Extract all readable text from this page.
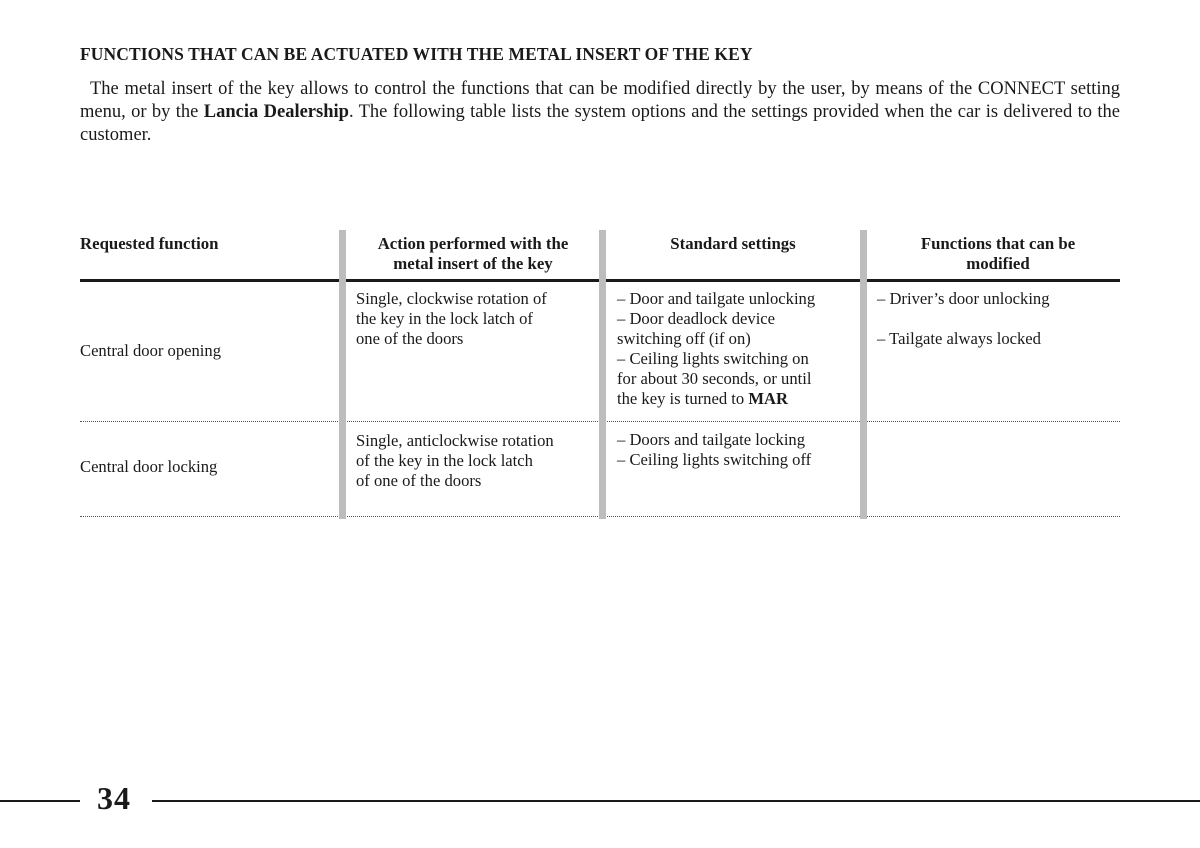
FUNCTIONS THAT CAN BE ACTUATED WITH THE METAL INSERT OF THE KEY
The metal insert of the key allows to control the functions that can be modified directly by the user, by means of the CONNECT setting menu, or by the Lancia Dealership. The following table lists the system options and the settings provided when the car is delivered to the customer.
Requested function	Action performed with the
metal insert of the key
Standard settings	Functions that can be
modified
Central door opening
Single, clockwise rotation of
the key in the lock latch of
one of the doors
– Door and tailgate unlocking
– Door deadlock device
switching off (if on)
– Ceiling lights switching on
for about 30 seconds, or until
the key is turned to MAR
– Driver’s door unlocking
– Tailgate always locked
Central door locking
Single, anticlockwise rotation
of the key in the lock latch
of one of the doors
– Doors and tailgate locking
– Ceiling lights switching off
34
